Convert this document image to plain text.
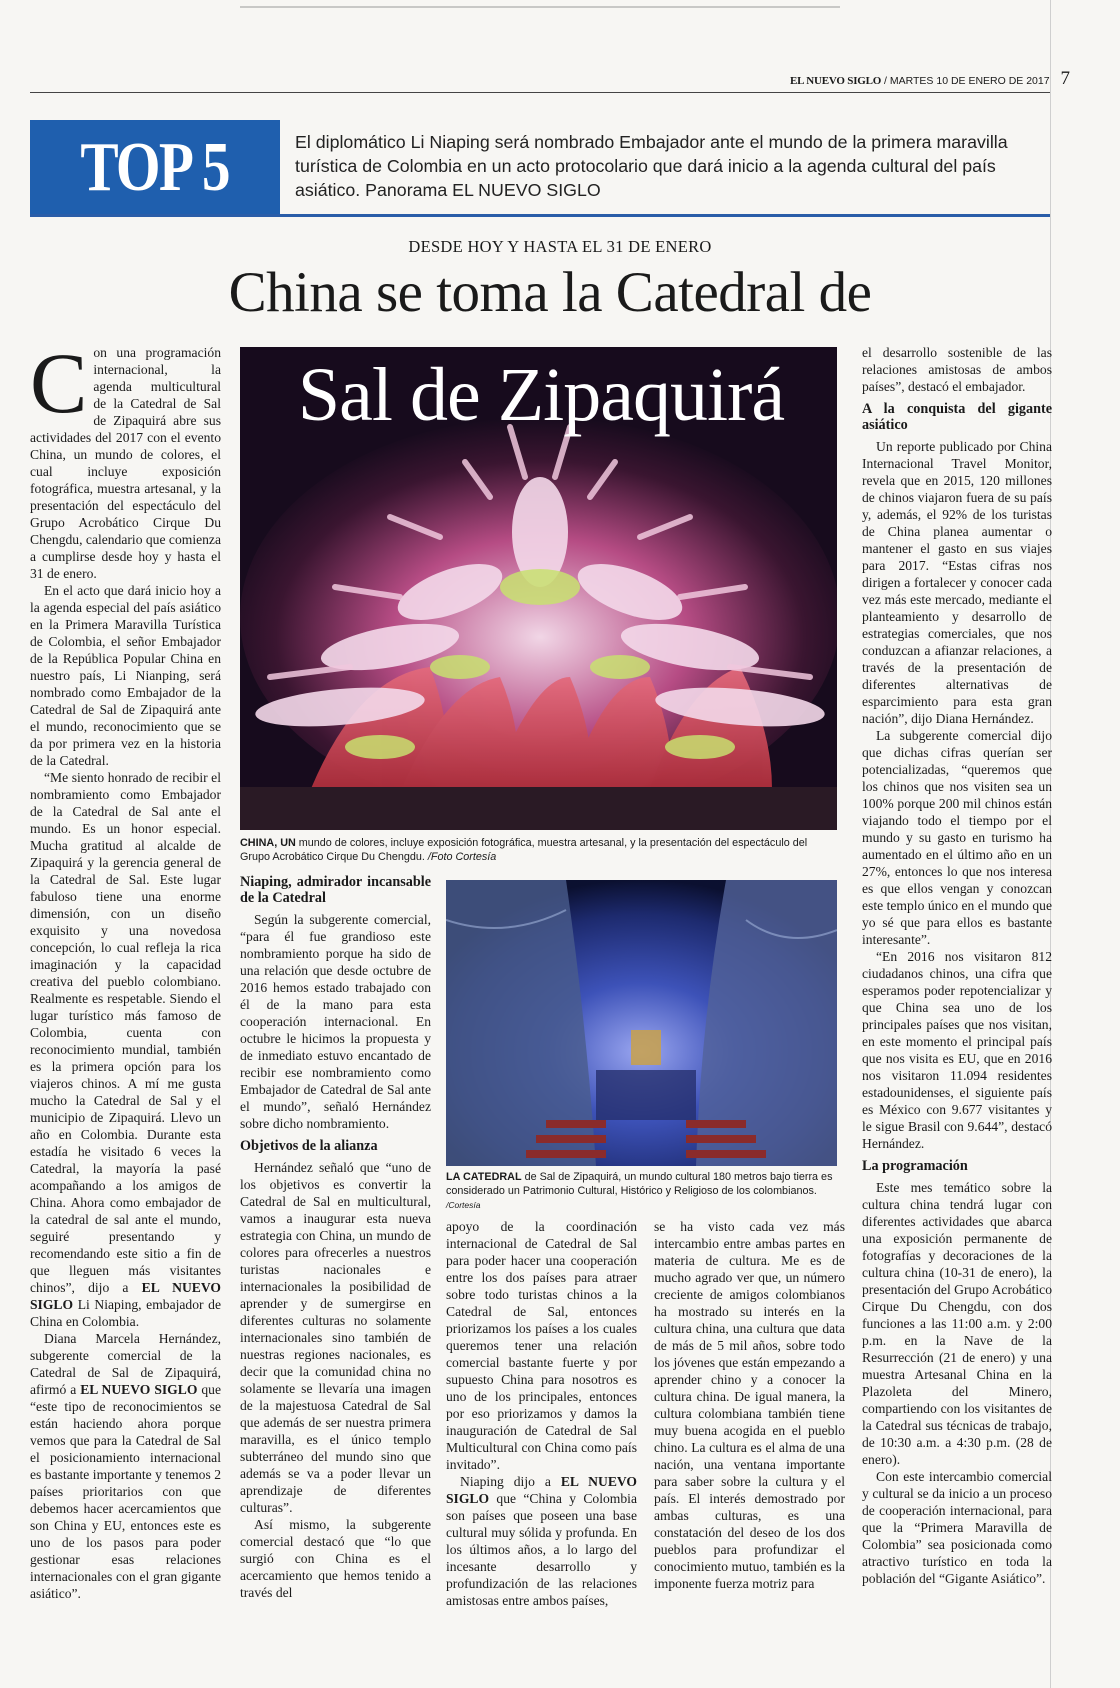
EL NUEVO SIGLO / MARTES 10 DE ENERO DE 2017 7
TOP 5	El diplomático Li Niaping será nombrado Embajador ante el mundo de la primera maravilla turística de Colombia en un acto protocolario que dará inicio a la agenda cultural del país asiático. Panorama EL NUEVO SIGLO
DESDE HOY Y HASTA EL 31 DE ENERO
China se toma la Catedral de

Con una programación internacional, la agenda multicultural de la Catedral de Sal de Zipaquirá abre sus actividades del 2017 con el evento China, un mundo de colores, el cual incluye exposición fotográfica, muestra artesanal, y la presentación del espectáculo del Grupo Acrobático Cirque Du Chengdu, calendario que comienza a cumplirse desde hoy y hasta el 31 de enero.

En el acto que dará inicio hoy a la agenda especial del país asiático en la Primera Maravilla Turística de Colombia, el señor Embajador de la República Popular China en nuestro país, Li Nianping, será nombrado como Embajador de la Catedral de Sal de Zipaquirá ante el mundo, reconocimiento que se da por primera vez en la historia de la Catedral.

“Me siento honrado de recibir el nombramiento como Embajador de la Catedral de Sal ante el mundo. Es un honor especial. Mucha gratitud al alcalde de Zipaquirá y la gerencia general de la Catedral de Sal. Este lugar fabuloso tiene una enorme dimensión, con un diseño exquisito y una novedosa concepción, lo cual refleja la rica imaginación y la capacidad creativa del pueblo colombiano. Realmente es respetable. Siendo el lugar turístico más famoso de Colombia, cuenta con reconocimiento mundial, también es la primera opción para los viajeros chinos. A mí me gusta mucho la Catedral de Sal y el municipio de Zipaquirá. Llevo un año en Colombia. Durante esta estadía he visitado 6 veces la Catedral, la mayoría la pasé acompañando a los amigos de China. Ahora como embajador de la catedral de sal ante el mundo, seguiré presentando y recomendando este sitio a fin de que lleguen más visitantes chinos”, dijo a EL NUEVO SIGLO Li Niaping, embajador de China en Colombia.

Diana Marcela Hernández, subgerente comercial de la Catedral de Sal de Zipaquirá, afirmó a EL NUEVO SIGLO que “este tipo de reconocimientos se están haciendo ahora porque vemos que para la Catedral de Sal el posicionamiento internacional es bastante importante y tenemos 2 países prioritarios con que debemos hacer acercamientos que son China y EU, entonces este es uno de los pasos para poder gestionar esas relaciones internacionales con el gran gigante asiático”.

Sal de Zipaquirá
CHINA, UN mundo de colores, incluye exposición fotográfica, muestra artesanal, y la presentación del espectáculo del Grupo Acrobático Cirque Du Chengdu. /Foto Cortesía
Niaping, admirador incansable de la Catedral

Según la subgerente comercial, “para él fue grandioso este nombramiento porque ha sido de una relación que desde octubre de 2016 hemos estado trabajado con él de la mano para esta cooperación internacional. En octubre le hicimos la propuesta y de inmediato estuvo encantado de recibir ese nombramiento como Embajador de Catedral de Sal ante el mundo”, señaló Hernández sobre dicho nombramiento.

Objetivos de la alianza

Hernández señaló que “uno de los objetivos es convertir la Catedral de Sal en multicultural, vamos a inaugurar esta nueva estrategia con China, un mundo de colores para ofrecerles a nuestros turistas nacionales e internacionales la posibilidad de aprender y de sumergirse en diferentes culturas no solamente internacionales sino también de nuestras regiones nacionales, es decir que la comunidad china no solamente se llevaría una imagen de la majestuosa Catedral de Sal que además de ser nuestra primera maravilla, es el único templo subterráneo del mundo sino que además se va a poder llevar un aprendizaje de diferentes culturas”.

Así mismo, la subgerente comercial destacó que “lo que surgió con China es el acercamiento que hemos tenido a través del

LA CATEDRAL de Sal de Zipaquirá, un mundo cultural 180 metros bajo tierra es considerado un Patrimonio Cultural, Histórico y Religioso de los colombianos. /Cortesía

apoyo de la coordinación internacional de Catedral de Sal para poder hacer una cooperación entre los dos países para atraer sobre todo turistas chinos a la Catedral de Sal, entonces priorizamos los países a los cuales queremos tener una relación comercial bastante fuerte y por supuesto China para nosotros es uno de los principales, entonces por eso priorizamos y damos la inauguración de Catedral de Sal Multicultural con China como país invitado”.

Niaping dijo a EL NUEVO SIGLO que “China y Colombia son países que poseen una base cultural muy sólida y profunda. En los últimos años, a lo largo del incesante desarrollo y profundización de las relaciones amistosas entre ambos países,

se ha visto cada vez más intercambio entre ambas partes en materia de cultura. Me es de mucho agrado ver que, un número creciente de amigos colombianos ha mostrado su interés en la cultura china, una cultura que data de más de 5 mil años, sobre todo los jóvenes que están empezando a aprender chino y a conocer la cultura china. De igual manera, la cultura colombiana también tiene muy buena acogida en el pueblo chino. La cultura es el alma de una nación, una ventana importante para saber sobre la cultura y el país. El interés demostrado por ambas culturas, es una constatación del deseo de los dos pueblos para profundizar el conocimiento mutuo, también es la imponente fuerza motriz para

el desarrollo sostenible de las relaciones amistosas de ambos países”, destacó el embajador.

A la conquista del gigante asiático

Un reporte publicado por China Internacional Travel Monitor, revela que en 2015, 120 millones de chinos viajaron fuera de su país y, además, el 92% de los turistas de China planea aumentar o mantener el gasto en sus viajes para 2017. “Estas cifras nos dirigen a fortalecer y conocer cada vez más este mercado, mediante el planteamiento y desarrollo de estrategias comerciales, que nos conduzcan a afianzar relaciones, a través de la presentación de diferentes alternativas de esparcimiento para esta gran nación”, dijo Diana Hernández.

La subgerente comercial dijo que dichas cifras querían ser potencializadas, “queremos que los chinos que nos visiten sea un 100% porque 200 mil chinos están viajando todo el tiempo por el mundo y su gasto en turismo ha aumentado en el último año en un 27%, entonces lo que nos interesa es que ellos vengan y conozcan este templo único en el mundo que yo sé que para ellos es bastante interesante”.

“En 2016 nos visitaron 812 ciudadanos chinos, una cifra que esperamos poder repotencializar y que China sea uno de los principales países que nos visitan, en este momento el principal país que nos visita es EU, que en 2016 nos visitaron 11.094 residentes estadounidenses, el siguiente país es México con 9.677 visitantes y le sigue Brasil con 9.644”, destacó Hernández.

La programación

Este mes temático sobre la cultura china tendrá lugar con diferentes actividades que abarca una exposición permanente de fotografías y decoraciones de la cultura china (10-31 de enero), la presentación del Grupo Acrobático Cirque Du Chengdu, con dos funciones a las 11:00 a.m. y 2:00 p.m. en la Nave de la Resurrección (21 de enero) y una muestra Artesanal China en la Plazoleta del Minero, compartiendo con los visitantes de la Catedral sus técnicas de trabajo, de 10:30 a.m. a 4:30 p.m. (28 de enero).

Con este intercambio comercial y cultural se da inicio a un proceso de cooperación internacional, para que la “Primera Maravilla de Colombia” sea posicionada como atractivo turístico en toda la población del “Gigante Asiático”.
